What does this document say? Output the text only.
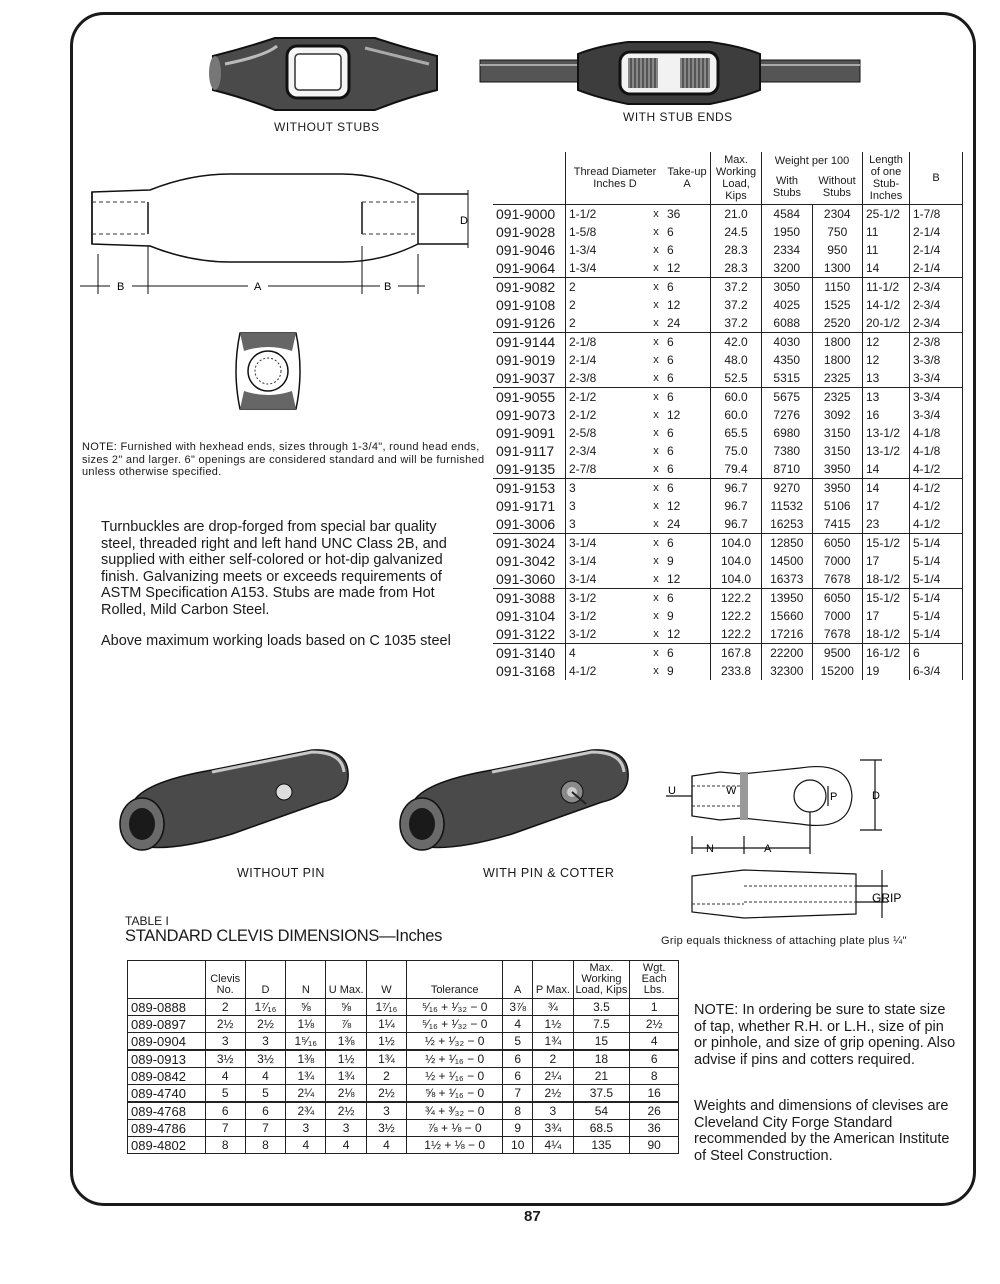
WITHOUT STUBS
WITH STUB ENDS
B	A	B
D
NOTE: Furnished with hexhead ends, sizes through 1-3/4", round head ends, sizes 2" and larger. 6" openings are considered standard and will be furnished unless otherwise specified.
Turnbuckles are drop-forged from special bar quality steel, threaded right and left hand UNC Class 2B, and supplied with either self-colored or hot-dip galvanized finish. Galvanizing meets or exceeds requirements of ASTM Specification A153. Stubs are made from Hot Rolled, Mild Carbon Steel.
Above maximum working loads based on C 1035 steel
	Thread Diameter Inches D		Take-up A	Max. Working Load, Kips	Weight per 100		Length of one Stub-Inches	B
					With Stubs	Without Stubs		
091-9000	1-1/2	x	36	21.0	4584	2304	25-1/2	1-7/8
091-9028	1-5/8	x	6	24.5	1950	750	11	2-1/4
091-9046	1-3/4	x	6	28.3	2334	950	11	2-1/4
091-9064	1-3/4	x	12	28.3	3200	1300	14	2-1/4
091-9082	2	x	6	37.2	3050	1150	11-1/2	2-3/4
091-9108	2	x	12	37.2	4025	1525	14-1/2	2-3/4
091-9126	2	x	24	37.2	6088	2520	20-1/2	2-3/4
091-9144	2-1/8	x	6	42.0	4030	1800	12	2-3/8
091-9019	2-1/4	x	6	48.0	4350	1800	12	3-3/8
091-9037	2-3/8	x	6	52.5	5315	2325	13	3-3/4
091-9055	2-1/2	x	6	60.0	5675	2325	13	3-3/4
091-9073	2-1/2	x	12	60.0	7276	3092	16	3-3/4
091-9091	2-5/8	x	6	65.5	6980	3150	13-1/2	4-1/8
091-9117	2-3/4	x	6	75.0	7380	3150	13-1/2	4-1/8
091-9135	2-7/8	x	6	79.4	8710	3950	14	4-1/2
091-9153	3	x	6	96.7	9270	3950	14	4-1/2
091-9171	3	x	12	96.7	11532	5106	17	4-1/2
091-3006	3	x	24	96.7	16253	7415	23	4-1/2
091-3024	3-1/4	x	6	104.0	12850	6050	15-1/2	5-1/4
091-3042	3-1/4	x	9	104.0	14500	7000	17	5-1/4
091-3060	3-1/4	x	12	104.0	16373	7678	18-1/2	5-1/4
091-3088	3-1/2	x	6	122.2	13950	6050	15-1/2	5-1/4
091-3104	3-1/2	x	9	122.2	15660	7000	17	5-1/4
091-3122	3-1/2	x	12	122.2	17216	7678	18-1/2	5-1/4
091-3140	4	x	6	167.8	22200	9500	16-1/2	6
091-3168	4-1/2	x	9	233.8	32300	15200	19	6-3/4
WITHOUT PIN	WITH PIN & COTTER
U	W	P	D
N	A
GRIP
Grip equals thickness of attaching plate plus ¼"
TABLE I
STANDARD CLEVIS DIMENSIONS—Inches
	Clevis No.	D	N	U Max.	W	Tolerance	A	P Max.	Max. Working Load, Kips	Wgt. Each Lbs.
089-0888	2	1⁷⁄₁₆	⅝	⅝	1⁷⁄₁₆	⁵⁄₁₆ + ¹⁄₃₂ − 0	3⅞	¾	3.5	1
089-0897	2½	2½	1⅛	⅞	1¼	⁵⁄₁₆ + ¹⁄₃₂ − 0	4	1½	7.5	2½
089-0904	3	3	1⁵⁄₁₆	1⅜	1½	½ + ¹⁄₃₂ − 0	5	1¾	15	4
089-0913	3½	3½	1⅜	1½	1¾	½ + ¹⁄₁₆ − 0	6	2	18	6
089-0842	4	4	1¾	1¾	2	½ + ¹⁄₁₆ − 0	6	2¼	21	8
089-4740	5	5	2¼	2⅛	2½	⅝ + ¹⁄₁₆ − 0	7	2½	37.5	16
089-4768	6	6	2¾	2½	3	¾ + ³⁄₃₂ − 0	8	3	54	26
089-4786	7	7	3	3	3½	⅞ + ⅛ − 0	9	3¾	68.5	36
089-4802	8	8	4	4	4	1½ + ⅛ − 0	10	4¼	135	90
NOTE: In ordering be sure to state size of tap, whether R.H. or L.H., size of pin or pinhole, and size of grip opening. Also advise if pins and cotters required.
Weights and dimensions of clevises are Cleveland City Forge Standard recommended by the American Institute of Steel Construction.
87
